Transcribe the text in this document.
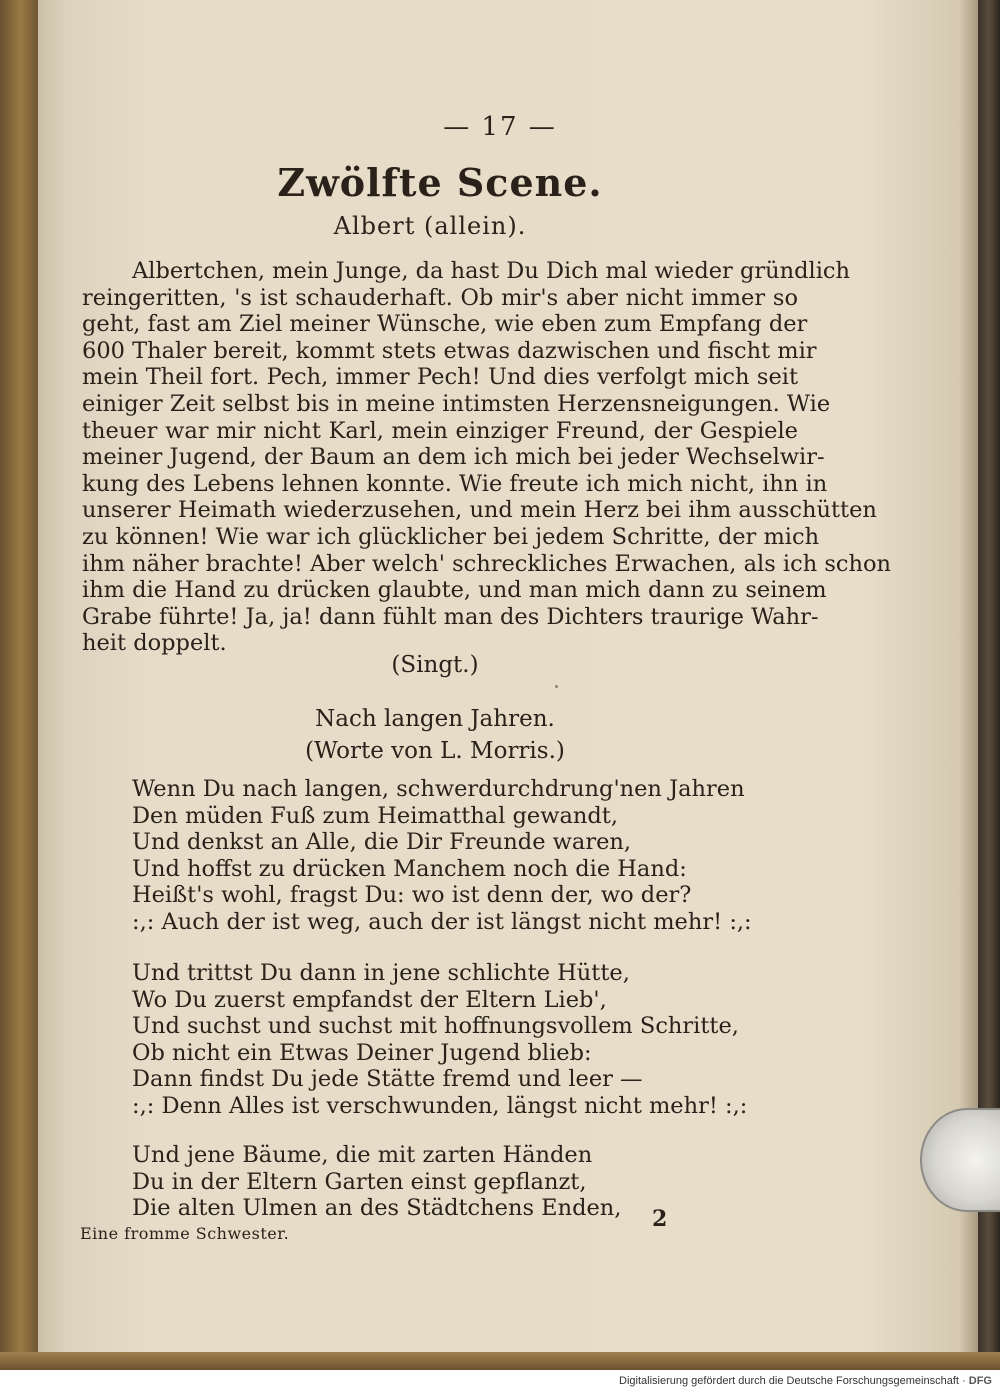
— 17 —
Zwölfte Scene.
Albert (allein).
Albertchen, mein Junge, da hast Du Dich mal wieder gründlich
reingeritten, 's ist schauderhaft. Ob mir's aber nicht immer so
geht, fast am Ziel meiner Wünsche, wie eben zum Empfang der
600 Thaler bereit, kommt stets etwas dazwischen und fischt mir
mein Theil fort. Pech, immer Pech! Und dies verfolgt mich seit
einiger Zeit selbst bis in meine intimsten Herzensneigungen. Wie
theuer war mir nicht Karl, mein einziger Freund, der Gespiele
meiner Jugend, der Baum an dem ich mich bei jeder Wechselwir-
kung des Lebens lehnen konnte. Wie freute ich mich nicht, ihn in
unserer Heimath wiederzusehen, und mein Herz bei ihm ausschütten
zu können! Wie war ich glücklicher bei jedem Schritte, der mich
ihm näher brachte! Aber welch' schreckliches Erwachen, als ich schon
ihm die Hand zu drücken glaubte, und man mich dann zu seinem
Grabe führte! Ja, ja! dann fühlt man des Dichters traurige Wahr-
heit doppelt.
(Singt.)
Nach langen Jahren.
(Worte von L. Morris.)
Wenn Du nach langen, schwerdurchdrung'nen Jahren
Den müden Fuß zum Heimatthal gewandt,
Und denkst an Alle, die Dir Freunde waren,
Und hoffst zu drücken Manchem noch die Hand:
Heißt's wohl, fragst Du: wo ist denn der, wo der?
:,: Auch der ist weg, auch der ist längst nicht mehr! :,:
Und trittst Du dann in jene schlichte Hütte,
Wo Du zuerst empfandst der Eltern Lieb',
Und suchst und suchst mit hoffnungsvollem Schritte,
Ob nicht ein Etwas Deiner Jugend blieb:
Dann findst Du jede Stätte fremd und leer —
:,: Denn Alles ist verschwunden, längst nicht mehr! :,:
Und jene Bäume, die mit zarten Händen
Du in der Eltern Garten einst gepflanzt,
Die alten Ulmen an des Städtchens Enden, 2
Eine fromme Schwester.
Digitalisierung gefördert durch die Deutsche Forschungsgemeinschaft · DFG
